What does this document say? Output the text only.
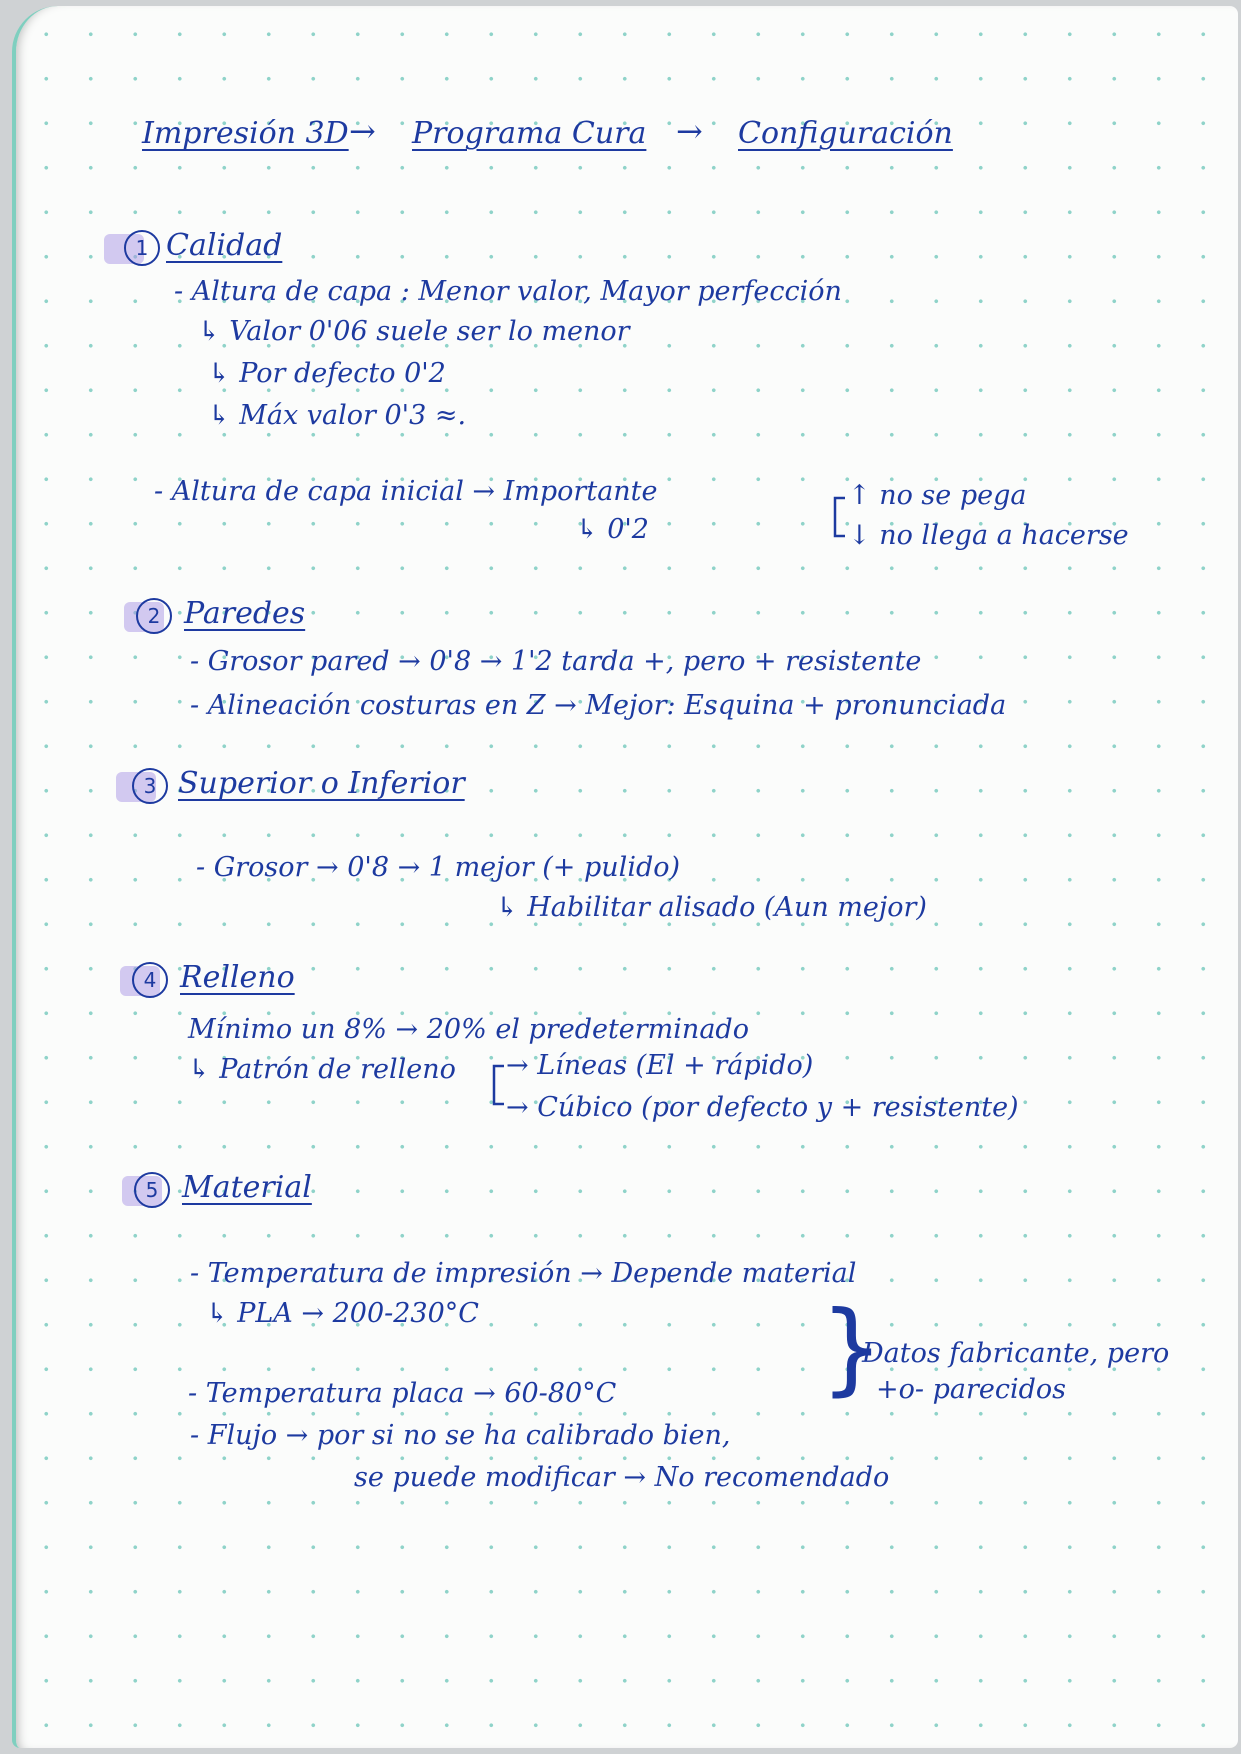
Impresión 3D → Programa Cura → Configuración
1 Calidad
- Altura de capa : Menor valor, Mayor perfección
↳ Valor 0'06 suele ser lo menor
↳ Por defecto 0'2
↳ Máx valor 0'3 ≈.
- Altura de capa inicial → Importante
↳ 0'2
↑ no se pega
↓ no llega a hacerse
2 Paredes
- Grosor pared → 0'8 → 1'2 tarda +, pero + resistente
- Alineación costuras en Z → Mejor: Esquina + pronunciada
3 Superior o Inferior
- Grosor → 0'8 → 1 mejor (+ pulido)
↳ Habilitar alisado (Aun mejor)
4 Relleno
Mínimo un 8% → 20% el predeterminado
↳ Patrón de relleno → Líneas (El + rápido)
→ Cúbico (por defecto y + resistente)
5 Material
- Temperatura de impresión → Depende material
↳ PLA → 200-230°C
- Temperatura placa → 60-80°C }
Datos fabricante, pero
+o- parecidos
- Flujo → por si no se ha calibrado bien,
se puede modificar → No recomendado
